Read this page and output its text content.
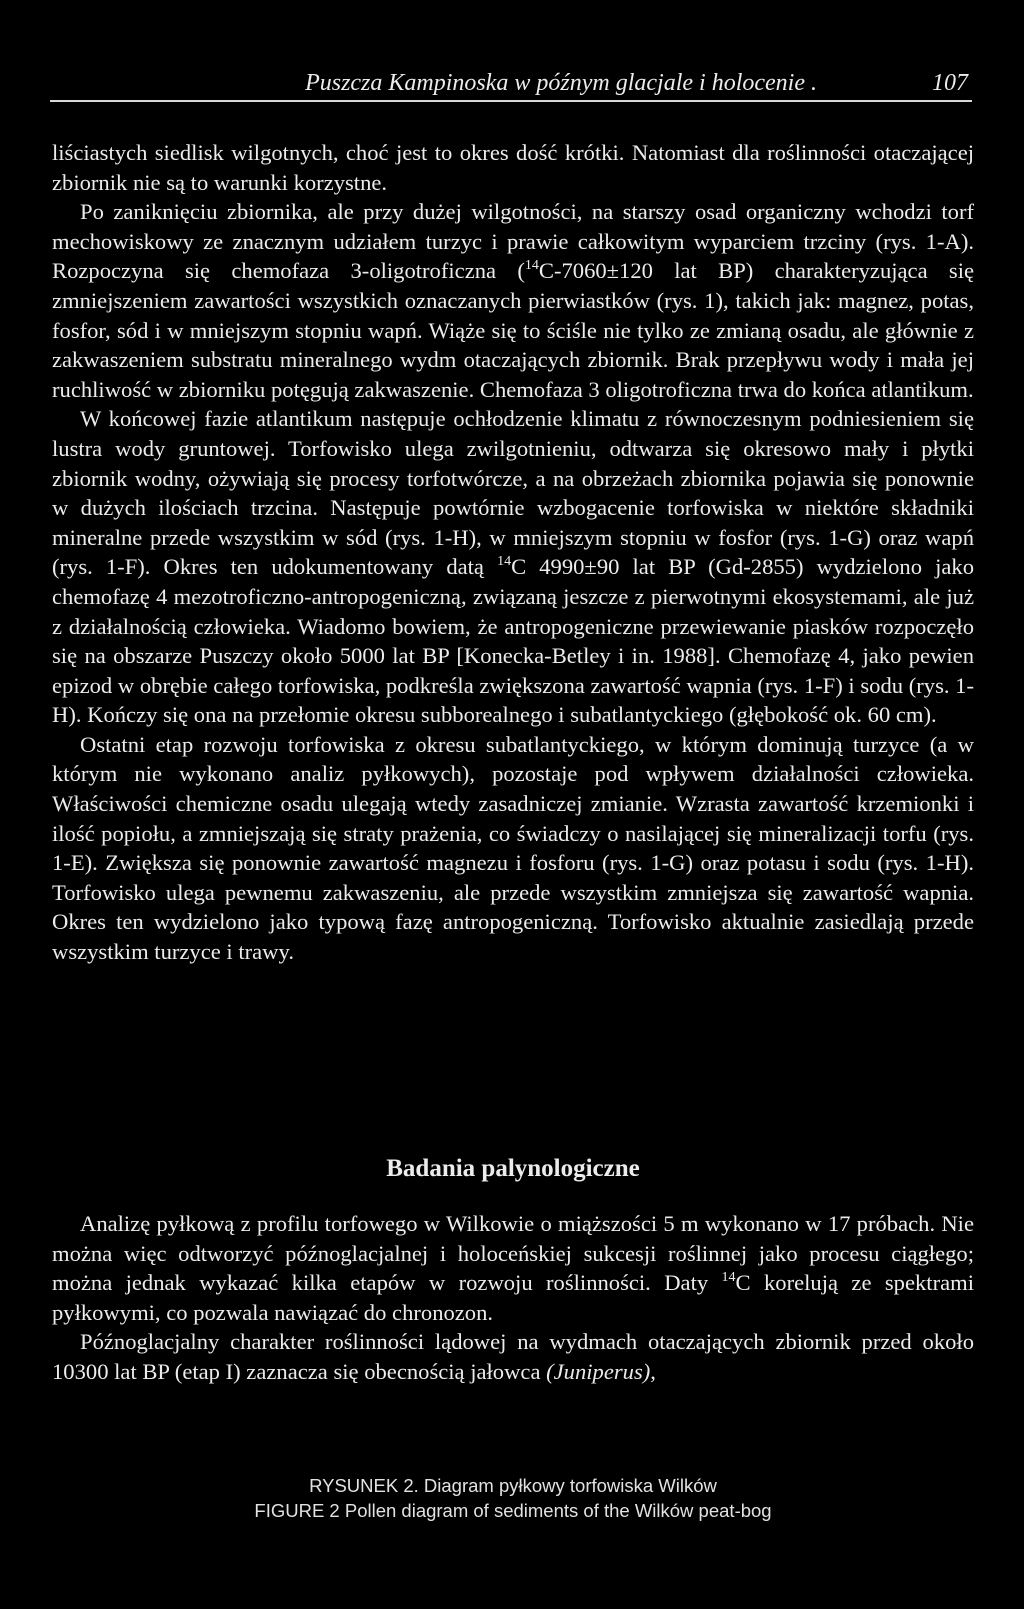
Puszcza Kampinoska w późnym glacjale i holocenie .	107

liściastych siedlisk wilgotnych, choć jest to okres dość krótki. Natomiast dla roślinności otaczającej zbiornik nie są to warunki korzystne.

Po zaniknięciu zbiornika, ale przy dużej wilgotności, na starszy osad organiczny wchodzi torf mechowiskowy ze znacznym udziałem turzyc i prawie całkowitym wyparciem trzciny (rys. 1-A). Rozpoczyna się chemofaza 3-oligotroficzna ($^{14}$C-7060±120 lat BP) charakteryzująca się zmniejszeniem zawartości wszystkich oznaczanych pierwiastków (rys. 1), takich jak: magnez, potas, fosfor, sód i w mniejszym stopniu wapń. Wiąże się to ściśle nie tylko ze zmianą osadu, ale głównie z zakwaszeniem substratu mineralnego wydm otaczających zbiornik. Brak przepływu wody i mała jej ruchliwość w zbiorniku potęgują zakwaszenie. Chemofaza 3 oligotroficzna trwa do końca atlantikum.

W końcowej fazie atlantikum następuje ochłodzenie klimatu z równoczesnym podniesieniem się lustra wody gruntowej. Torfowisko ulega zwilgotnieniu, odtwarza się okresowo mały i płytki zbiornik wodny, ożywiają się procesy torfotwórcze, a na obrzeżach zbiornika pojawia się ponownie w dużych ilościach trzcina. Następuje powtórnie wzbogacenie torfowiska w niektóre składniki mineralne przede wszystkim w sód (rys. 1-H), w mniejszym stopniu w fosfor (rys. 1-G) oraz wapń (rys. 1-F). Okres ten udokumentowany datą $^{14}$C 4990±90 lat BP (Gd-2855) wydzielono jako chemofazę 4 mezotroficzno-antropogeniczną, związaną jeszcze z pierwotnymi ekosystemami, ale już z działalnością człowieka. Wiadomo bowiem, że antropogeniczne przewiewanie piasków rozpoczęło się na obszarze Puszczy około 5000 lat BP [Konecka-Betley i in. 1988]. Chemofazę 4, jako pewien epizod w obrębie całego torfowiska, podkreśla zwiększona zawartość wapnia (rys. 1-F) i sodu (rys. 1-H). Kończy się ona na przełomie okresu subborealnego i subatlantyckiego (głębokość ok. 60 cm).

Ostatni etap rozwoju torfowiska z okresu subatlantyckiego, w którym dominują turzyce (a w którym nie wykonano analiz pyłkowych), pozostaje pod wpływem działalności człowieka. Właściwości chemiczne osadu ulegają wtedy zasadniczej zmianie. Wzrasta zawartość krzemionki i ilość popiołu, a zmniejszają się straty prażenia, co świadczy o nasilającej się mineralizacji torfu (rys. 1-E). Zwiększa się ponownie zawartość magnezu i fosforu (rys. 1-G) oraz potasu i sodu (rys. 1-H). Torfowisko ulega pewnemu zakwaszeniu, ale przede wszystkim zmniejsza się zawartość wapnia. Okres ten wydzielono jako typową fazę antropogeniczną. Torfowisko aktualnie zasiedlają przede wszystkim turzyce i trawy.

Badania palynologiczne

Analizę pyłkową z profilu torfowego w Wilkowie o miąższości 5 m wykonano w 17 próbach. Nie można więc odtworzyć późnoglacjalnej i holoceńskiej sukcesji roślinnej jako procesu ciągłego; można jednak wykazać kilka etapów w rozwoju roślinności. Daty $^{14}$C korelują ze spektrami pyłkowymi, co pozwala nawiązać do chronozon.

Późnoglacjalny charakter roślinności lądowej na wydmach otaczających zbiornik przed około 10300 lat BP (etap I) zaznacza się obecnością jałowca (Juniperus),

RYSUNEK 2. Diagram pyłkowy torfowiska Wilków
FIGURE 2 Pollen diagram of sediments of the Wilków peat-bog
